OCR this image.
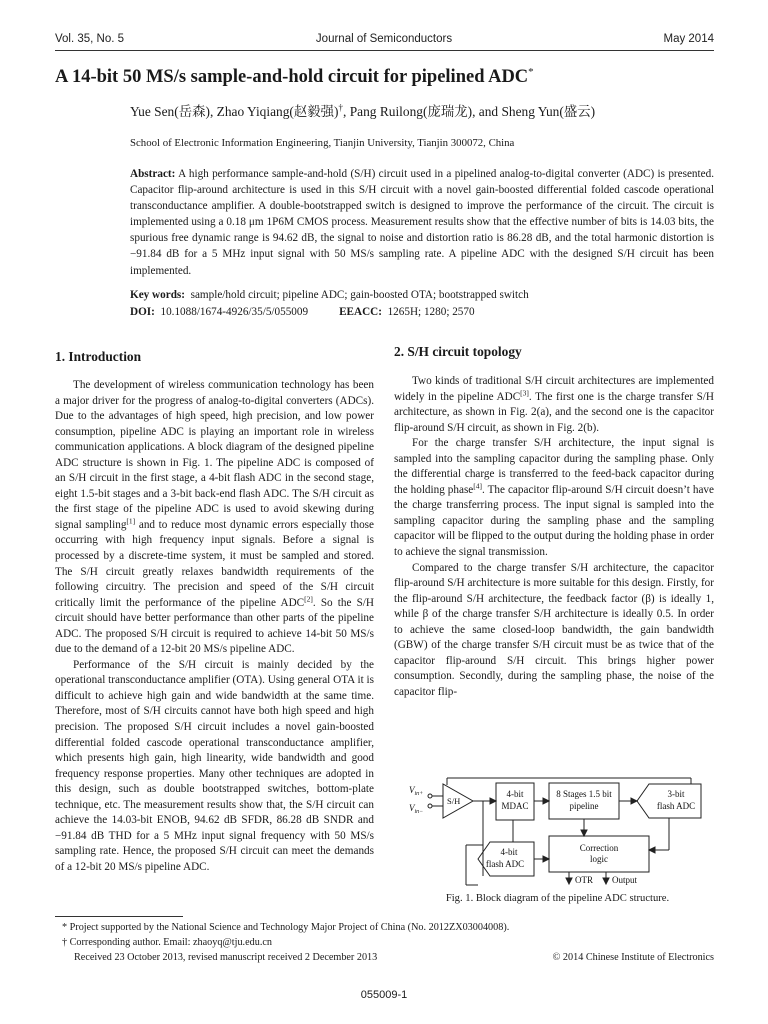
Vol. 35, No. 5	Journal of Semiconductors	May 2014
A 14-bit 50 MS/s sample-and-hold circuit for pipelined ADC*
Yue Sen(岳森), Zhao Yiqiang(赵毅强)†, Pang Ruilong(庞瑞龙), and Sheng Yun(盛云)
School of Electronic Information Engineering, Tianjin University, Tianjin 300072, China
Abstract: A high performance sample-and-hold (S/H) circuit used in a pipelined analog-to-digital converter (ADC) is presented. Capacitor flip-around architecture is used in this S/H circuit with a novel gain-boosted differential folded cascode operational transconductance amplifier. A double-bootstrapped switch is designed to improve the performance of the circuit. The circuit is implemented using a 0.18 μm 1P6M CMOS process. Measurement results show that the effective number of bits is 14.03 bits, the spurious free dynamic range is 94.62 dB, the signal to noise and distortion ratio is 86.28 dB, and the total harmonic distortion is −91.84 dB for a 5 MHz input signal with 50 MS/s sampling rate. A pipeline ADC with the designed S/H circuit has been implemented.
Key words: sample/hold circuit; pipeline ADC; gain-boosted OTA; bootstrapped switch
DOI: 10.1088/1674-4926/35/5/055009	EEACC: 1265H; 1280; 2570
1. Introduction

The development of wireless communication technology has been a major driver for the progress of analog-to-digital converters (ADCs). Due to the advantages of high speed, high precision, and low power consumption, pipeline ADC is playing an important role in wireless communication applications. A block diagram of the designed pipeline ADC structure is shown in Fig. 1. The pipeline ADC is composed of an S/H circuit in the first stage, a 4-bit flash ADC in the second stage, eight 1.5-bit stages and a 3-bit back-end flash ADC. The S/H circuit as the first stage of the pipeline ADC is used to avoid skewing during signal sampling[1] and to reduce most dynamic errors especially those occurring with high frequency input signals. Before a signal is processed by a discrete-time system, it must be sampled and stored. The S/H circuit greatly relaxes bandwidth requirements of the following circuitry. The precision and speed of the S/H circuit critically limit the performance of the pipeline ADC[2]. So the S/H circuit should have better performance than other parts of the pipeline ADC. The proposed S/H circuit is required to achieve 14-bit 50 MS/s due to the demand of a 12-bit 20 MS/s pipeline ADC.

Performance of the S/H circuit is mainly decided by the operational transconductance amplifier (OTA). Using general OTA it is difficult to achieve high gain and wide bandwidth at the same time. Therefore, most of S/H circuits cannot have both high speed and high precision. The proposed S/H circuit includes a novel gain-boosted differential folded cascode operational transconductance amplifier, which presents high gain, high linearity, wide bandwidth and good frequency response properties. Many other techniques are adopted in this design, such as double bootstrapped switches, bottom-plate technique, etc. The measurement results show that, the S/H circuit can achieve the 14.03-bit ENOB, 94.62 dB SFDR, 86.28 dB SNDR and −91.84 dB THD for a 5 MHz input signal frequency with 50 MS/s sampling rate. Hence, the proposed S/H circuit can meet the demands of a 12-bit 20 MS/s pipeline ADC.

2. S/H circuit topology

Two kinds of traditional S/H circuit architectures are implemented widely in the pipeline ADC[3]. The first one is the charge transfer S/H architecture, as shown in Fig. 2(a), and the second one is the capacitor flip-around S/H circuit, as shown in Fig. 2(b).

For the charge transfer S/H architecture, the input signal is sampled into the sampling capacitor during the sampling phase. Only the differential charge is transferred to the feed-back capacitor during the holding phase[4]. The capacitor flip-around S/H circuit doesn’t have the charge transferring process. The input signal is sampled into the sampling capacitor during the sampling phase and the sampling capacitor will be flipped to the output during the holding phase in order to achieve the signal transmission.

Compared to the charge transfer S/H architecture, the capacitor flip-around S/H architecture is more suitable for this design. Firstly, for the flip-around S/H architecture, the feedback factor (β) is ideally 1, while β of the charge transfer S/H architecture is ideally 0.5. In order to achieve the same closed-loop bandwidth, the gain bandwidth (GBW) of the charge transfer S/H circuit must be as twice that of the capacitor flip-around S/H circuit. This brings higher power consumption. Secondly, during the sampling phase, the noise of the capacitor flip-

$V_{in+}$
$V_{in-}$
S/H
4-bit
MDAC
8 Stages 1.5 bit
pipeline
3-bit
flash ADC
4-bit
flash ADC
Correction
logic
OTR Output
Fig. 1. Block diagram of the pipeline ADC structure.
* Project supported by the National Science and Technology Major Project of China (No. 2012ZX03004008).
† Corresponding author. Email: zhaoyq@tju.edu.cn
Received 23 October 2013, revised manuscript received 2 December 2013	© 2014 Chinese Institute of Electronics
055009-1
